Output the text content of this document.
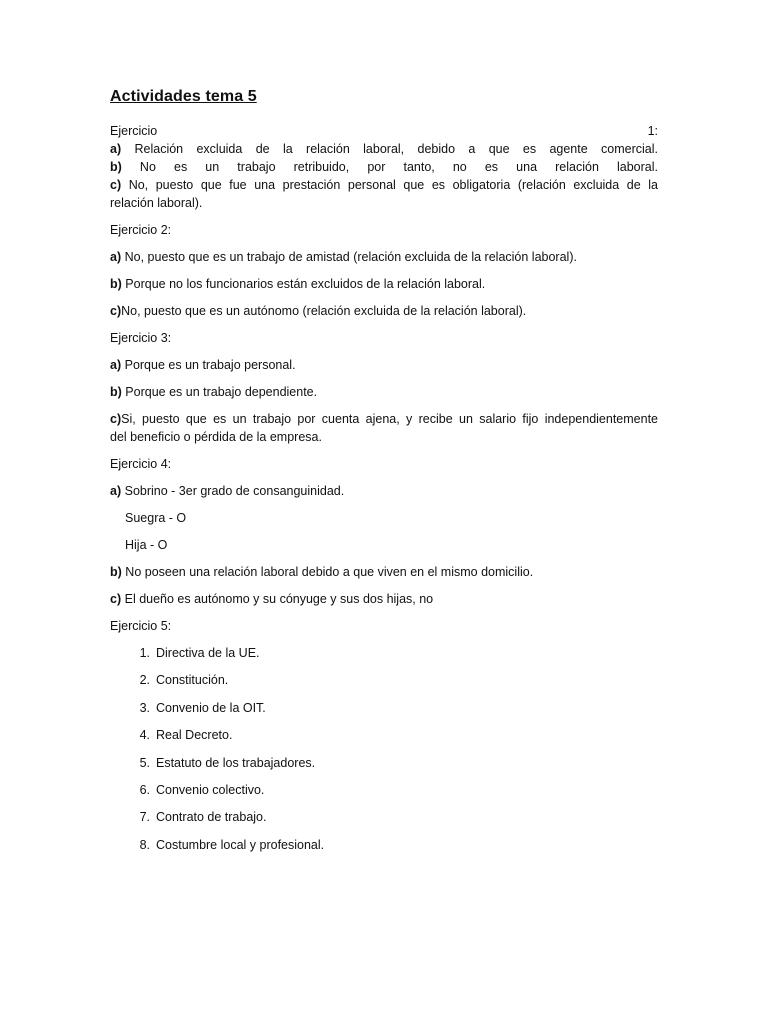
Actividades tema 5
Ejercicio	1:
a) Relación excluida de la relación laboral, debido a que es agente comercial.
b) No es un trabajo retribuido, por tanto, no es una relación laboral.
c) No, puesto que fue una prestación personal que es obligatoria (relación excluida de la
relación laboral).
Ejercicio 2:
a) No, puesto que es un trabajo de amistad (relación excluida de la relación laboral).
b) Porque no los funcionarios están excluidos de la relación laboral.
c)No, puesto que es un autónomo (relación excluida de la relación laboral).
Ejercicio 3:
a) Porque es un trabajo personal.
b) Porque es un trabajo dependiente.
c)Si, puesto que es un trabajo por cuenta ajena, y recibe un salario fijo independientemente
del beneficio o pérdida de la empresa.
Ejercicio 4:
a) Sobrino - 3er grado de consanguinidad.
Suegra - O
Hija - O
b) No poseen una relación laboral debido a que viven en el mismo domicilio.
c) El dueño es autónomo y su cónyuge y sus dos hijas, no
Ejercicio 5:
1. Directiva de la UE.
2. Constitución.
3. Convenio de la OIT.
4. Real Decreto.
5. Estatuto de los trabajadores.
6. Convenio colectivo.
7. Contrato de trabajo.
8. Costumbre local y profesional.
